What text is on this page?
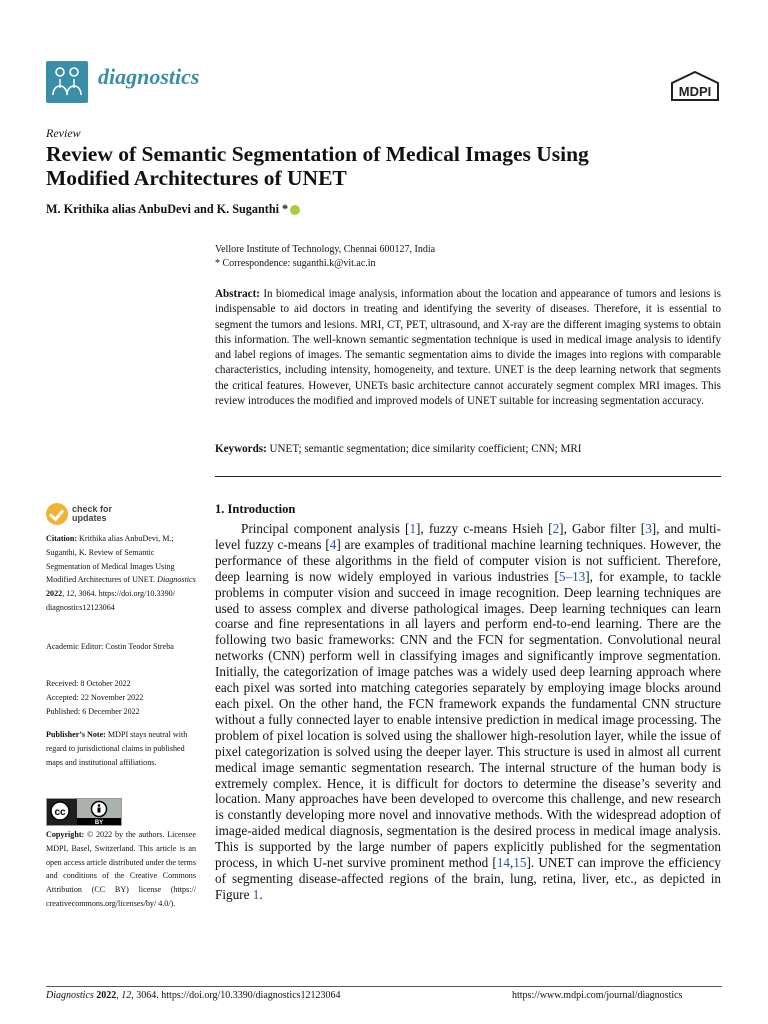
diagnostics
MDPI
Review
Review of Semantic Segmentation of Medical Images Using
Modified Architectures of UNET
M. Krithika alias AnbuDevi and K. Suganthi *
Vellore Institute of Technology, Chennai 600127, India
* Correspondence: suganthi.k@vit.ac.in
Abstract: In biomedical image analysis, information about the location and appearance of tumors and lesions is indispensable to aid doctors in treating and identifying the severity of diseases. Therefore, it is essential to segment the tumors and lesions. MRI, CT, PET, ultrasound, and X-ray are the different imaging systems to obtain this information. The well-known semantic segmentation technique is used in medical image analysis to identify and label regions of images. The semantic segmentation aims to divide the images into regions with comparable characteristics, including intensity, homogeneity, and texture. UNET is the deep learning network that segments the critical features. However, UNETs basic architecture cannot accurately segment complex MRI images. This review introduces the modified and improved models of UNET suitable for increasing segmentation accuracy.
Keywords: UNET; semantic segmentation; dice similarity coefficient; CNN; MRI
1. Introduction

Principal component analysis [1], fuzzy c-means Hsieh [2], Gabor filter [3], and multi-level fuzzy c-means [4] are examples of traditional machine learning techniques. However, the performance of these algorithms in the field of computer vision is not sufficient. Therefore, deep learning is now widely employed in various industries [5–13], for example, to tackle problems in computer vision and succeed in image recognition. Deep learning techniques are used to assess complex and diverse pathological images. Deep learning techniques can learn coarse and fine representations in all layers and perform end-to-end learning. There are the following two basic frameworks: CNN and the FCN for segmentation. Convolutional neural networks (CNN) perform well in classifying images and significantly improve segmentation. Initially, the categorization of image patches was a widely used deep learning approach where each pixel was sorted into matching categories separately by employing image blocks around each pixel. On the other hand, the FCN framework expands the fundamental CNN structure without a fully connected layer to enable intensive prediction in medical image processing. The problem of pixel location is solved using the shallower high-resolution layer, while the issue of pixel categorization is solved using the deeper layer. This structure is used in almost all current medical image semantic segmentation research. The internal structure of the human body is extremely complex. Hence, it is difficult for doctors to determine the disease’s severity and location. Many approaches have been developed to overcome this challenge, and new research is constantly developing more novel and innovative methods. With the widespread adoption of image-aided medical diagnosis, segmentation is the desired process in medical image analysis. This is supported by the large number of papers explicitly published for the segmentation process, in which U-net survive prominent method [14,15]. UNET can improve the efficiency of segmenting disease-affected regions of the brain, lung, retina, liver, etc., as depicted in Figure 1.

check for
updates
Citation: Krithika alias AnbuDevi, M.; Suganthi, K. Review of Semantic Segmentation of Medical Images Using Modified Architectures of UNET. Diagnostics 2022, 12, 3064. https://doi.org/10.3390/ diagnostics12123064
Academic Editor: Costin Teodor Streba
Received: 8 October 2022
Accepted: 22 November 2022
Published: 6 December 2022
Publisher’s Note: MDPI stays neutral with regard to jurisdictional claims in published maps and institutional affiliations.
cc
BY
Copyright: © 2022 by the authors. Licensee MDPI, Basel, Switzerland. This article is an open access article distributed under the terms and conditions of the Creative Commons Attribution (CC BY) license (https:// creativecommons.org/licenses/by/ 4.0/).
Diagnostics 2022, 12, 3064. https://doi.org/10.3390/diagnostics12123064	https://www.mdpi.com/journal/diagnostics
